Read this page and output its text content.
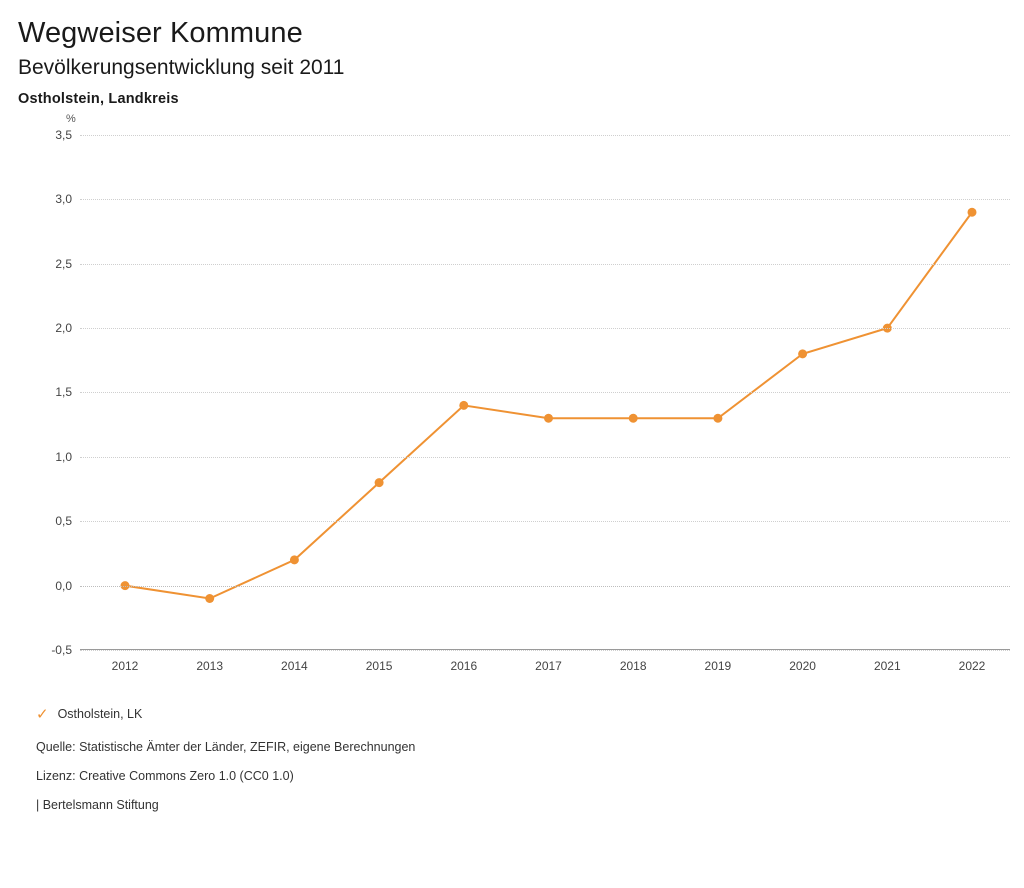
Wegweiser Kommune
Bevölkerungsentwicklung seit 2011
Ostholstein, Landkreis
%
3,5
3,0
2,5
2,0
1,5
1,0
0,5
0,0
-0,5
2012	2013	2014	2015	2016	2017	2018	2019	2020	2021	2022
✓ Ostholstein, LK
Quelle: Statistische Ämter der Länder, ZEFIR, eigene Berechnungen
Lizenz: Creative Commons Zero 1.0 (CC0 1.0)
| Bertelsmann Stiftung
